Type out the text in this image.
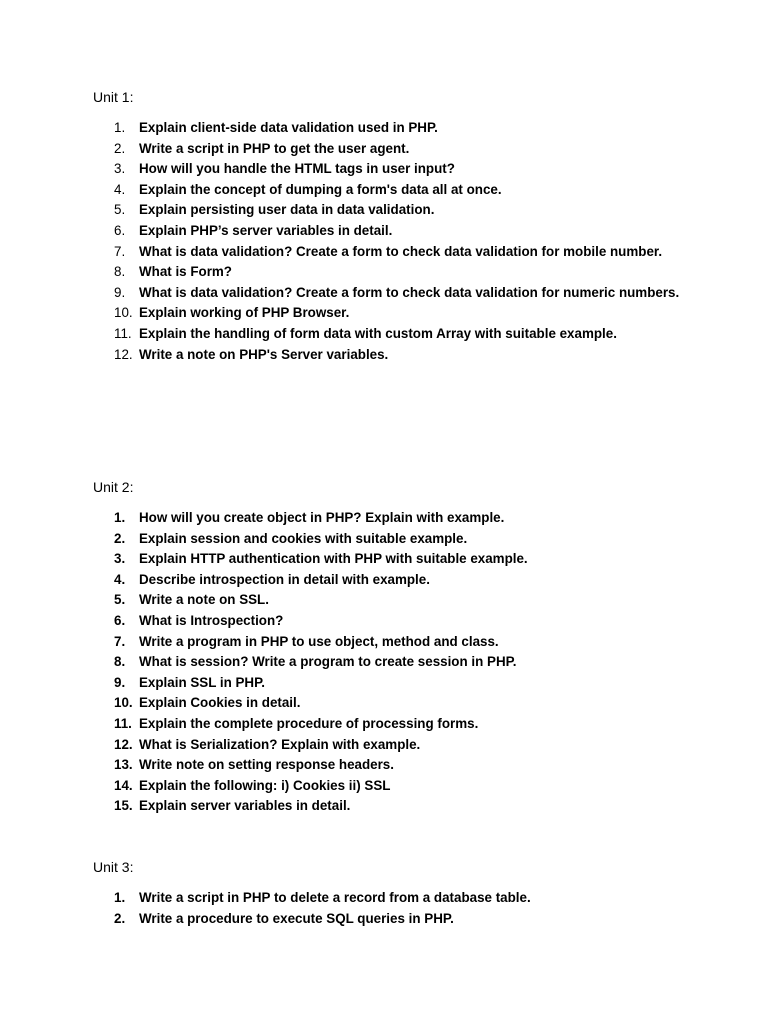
Unit 1:
1. Explain client-side data validation used in PHP.
2. Write a script in PHP to get the user agent.
3. How will you handle the HTML tags in user input?
4. Explain the concept of dumping a form's data all at once.
5. Explain persisting user data in data validation.
6. Explain PHP’s server variables in detail.
7. What is data validation? Create a form to check data validation for mobile number.
8. What is Form?
9. What is data validation? Create a form to check data validation for numeric numbers.
10. Explain working of PHP Browser.
11. Explain the handling of form data with custom Array with suitable example.
12. Write a note on PHP's Server variables.
Unit 2:
1. How will you create object in PHP? Explain with example.
2. Explain session and cookies with suitable example.
3. Explain HTTP authentication with PHP with suitable example.
4. Describe introspection in detail with example.
5. Write a note on SSL.
6. What is Introspection?
7. Write a program in PHP to use object, method and class.
8. What is session? Write a program to create session in PHP.
9. Explain SSL in PHP.
10. Explain Cookies in detail.
11. Explain the complete procedure of processing forms.
12. What is Serialization? Explain with example.
13. Write note on setting response headers.
14. Explain the following: i) Cookies ii) SSL
15. Explain server variables in detail.
Unit 3:
1. Write a script in PHP to delete a record from a database table.
2. Write a procedure to execute SQL queries in PHP.
